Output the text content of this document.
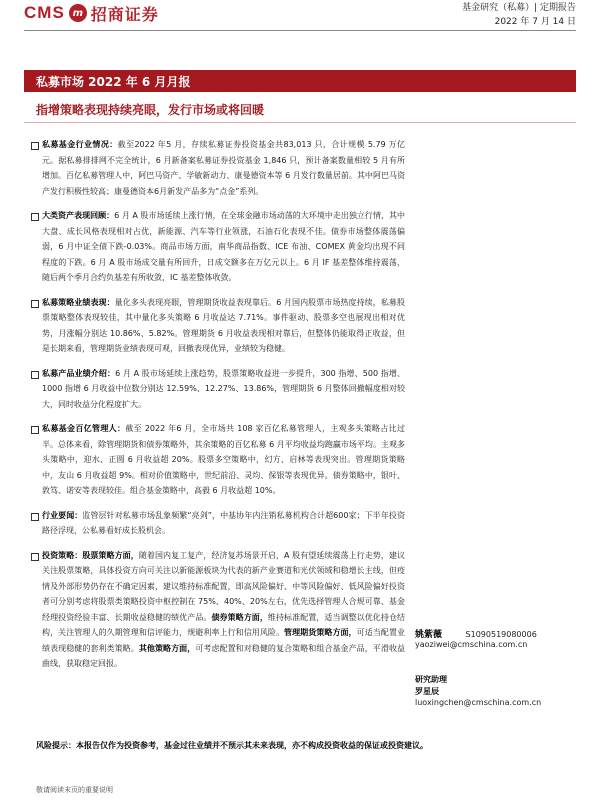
CMS m 招商证券	基金研究（私募）| 定期报告
2022 年 7 月 14 日
私募市场 2022 年 6 月月报
指增策略表现持续亮眼，发行市场或将回暖

私募基金行业情况：截至2022 年5 月，存续私募证券投资基金共83,013 只，合计规模 5.79 万亿元。据私募排排网不完全统计，6 月新备案私募证券投资基金 1,846 只，预计备案数量相较 5 月有所增加。百亿私募管理人中，阿巴马资产、学敏新动力、康曼德资本等 6 月发行数量居前。其中阿巴马资产发行积极性较高；康曼德资本6月新发产品多为“点金”系列。

大类资产表现回顾：6 月 A 股市场延续上涨行情，在全球金融市场动荡的大环境中走出独立行情，其中大盘、成长风格表现相对占优，新能源、汽车等行业领涨，石油石化表现不佳。债券市场整体震荡偏弱，6 月中证全债下跌-0.03%。商品市场方面，南华商品指数、ICE 布油、COMEX 黄金均出现不同程度的下跌。6 月 A 股市场成交量有所回升，日成交额多在万亿元以上。6 月 IF 基差整体维持震荡，随后两个季月合约负基差有所收敛，IC 基差整体收敛。

私募策略业绩表现：量化多头表现亮眼，管理期货收益表现靠后。6 月国内股票市场热度持续，私募股票策略整体表现较佳，其中量化多头策略 6 月收益达 7.71%。事件驱动、股票多空也展现出相对优势，月涨幅分别达 10.86%、5.82%。管理期货 6 月收益表现相对靠后，但整体仍能取得正收益，但是长期来看，管理期货业绩表现可观，回撤表现优异，业绩较为稳健。

私募产品业绩介绍：6 月 A 股市场延续上涨趋势，股票策略收益进一步提升，300 指增、500 指增、1000 指增 6 月收益中位数分别达 12.59%、12.27%、13.86%，管理期货 6 月整体回撤幅度相对较大，同时收益分化程度扩大。

私募基金百亿管理人：截至 2022 年6 月，全市场共 108 家百亿私募管理人，主观多头策略占比过半。总体来看，除管理期货和债券策略外，其余策略的百亿私募 6 月平均收益均跑赢市场平均。主观多头策略中，迎水、正圆 6 月收益超 20%。股票多空策略中，幻方、启林等表现突出。管理期货策略中，友山 6 月收益超 9%。相对价值策略中，世纪前沿、灵均、保银等表现优异。债券策略中，银叶、敦笃、诺安等表现较佳。组合基金策略中，高毅 6 月收益超 10%。

行业要闻：监管层针对私募市场乱象频繁“亮剑”，中基协年内注销私募机构合计超600家；下半年投资路径浮现，公私募看好成长股机会。

投资策略：股票策略方面，随着国内复工复产，经济复苏场景开启，A 股有望延续震荡上行走势，建议关注股票策略，具体投资方向可关注以新能源板块为代表的新产业赛道和光伏领域和稳增长主线，但疫情及外部形势仍存在不确定因素，建议维持标准配置，即高风险偏好、中等风险偏好、低风险偏好投资者可分别考虑将股票类策略投资中枢控制在 75%、40%、20%左右，优先选择管理人合规可靠、基金经理投资经验丰富、长期收益稳健的绩优产品。债券策略方面，维持标准配置，适当调整以优化持仓结构，关注管理人的久期管理和信评能力，规避利率上行和信用风险。管理期货策略方面，可适当配置业绩表现稳健的套利类策略。其他策略方面，可考虑配置和对稳健的复合策略和组合基金产品，平滑收益曲线，获取稳定回报。

姚紫薇	S1090519080006
yaoziwei@cmschina.com.cn
研究助理
罗星辰
luoxingchen@cmschina.com.cn
风险提示：本报告仅作为投资参考，基金过往业绩并不预示其未来表现，亦不构成投资收益的保证或投资建议。
敬请阅读末页的重要说明
